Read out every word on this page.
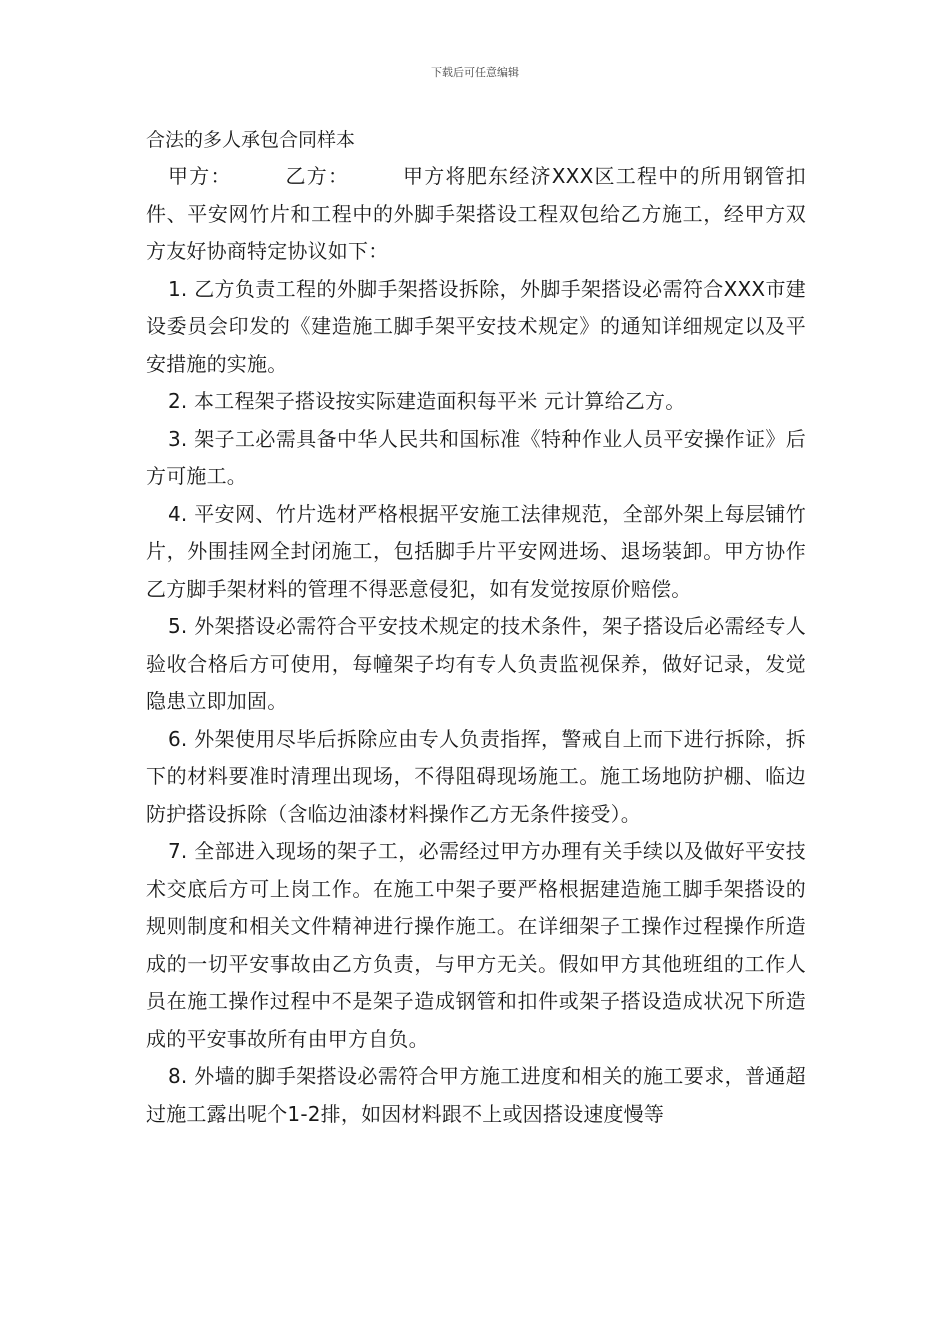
下载后可任意编辑

合法的多人承包合同样本

甲方：　　　乙方：　　　甲方将肥东经济XXX区工程中的所用钢管扣件、平安网竹片和工程中的外脚手架搭设工程双包给乙方施工，经甲方双方友好协商特定协议如下：

1. 乙方负责工程的外脚手架搭设拆除，外脚手架搭设必需符合XXX市建设委员会印发的《建造施工脚手架平安技术规定》的通知详细规定以及平安措施的实施。

2. 本工程架子搭设按实际建造面积每平米 元计算给乙方。

3. 架子工必需具备中华人民共和国标准《特种作业人员平安操作证》后方可施工。

4. 平安网、竹片选材严格根据平安施工法律规范，全部外架上每层铺竹片，外围挂网全封闭施工，包括脚手片平安网进场、退场装卸。甲方协作乙方脚手架材料的管理不得恶意侵犯，如有发觉按原价赔偿。

5. 外架搭设必需符合平安技术规定的技术条件，架子搭设后必需经专人验收合格后方可使用，每幢架子均有专人负责监视保养，做好记录，发觉隐患立即加固。

6. 外架使用尽毕后拆除应由专人负责指挥，警戒自上而下进行拆除，拆下的材料要准时清理出现场，不得阻碍现场施工。施工场地防护棚、临边防护搭设拆除（含临边油漆材料操作乙方无条件接受）。

7. 全部进入现场的架子工，必需经过甲方办理有关手续以及做好平安技术交底后方可上岗工作。在施工中架子要严格根据建造施工脚手架搭设的规则制度和相关文件精神进行操作施工。在详细架子工操作过程操作所造成的一切平安事故由乙方负责，与甲方无关。假如甲方其他班组的工作人员在施工操作过程中不是架子造成钢管和扣件或架子搭设造成状况下所造成的平安事故所有由甲方自负。

8. 外墙的脚手架搭设必需符合甲方施工进度和相关的施工要求，普通超过施工露出呢个1-2排，如因材料跟不上或因搭设速度慢等
